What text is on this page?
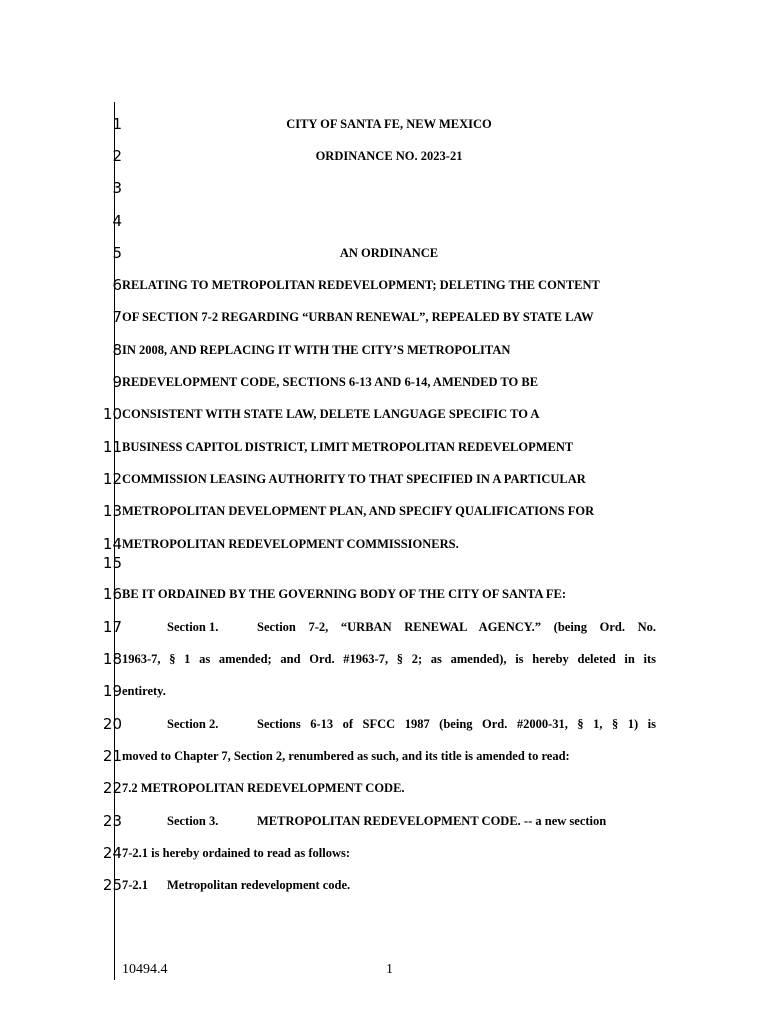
1
2
3
4
5
6
7
8
9
10
11
12
13
14
15
16
17
18
19
20
21
22
23
24
25
CITY OF SANTA FE, NEW MEXICO
ORDINANCE NO. 2023-21
AN ORDINANCE
RELATING TO METROPOLITAN REDEVELOPMENT; DELETING THE CONTENT
OF SECTION 7-2 REGARDING “URBAN RENEWAL”, REPEALED BY STATE LAW
IN 2008, AND REPLACING IT WITH THE CITY’S METROPOLITAN
REDEVELOPMENT CODE, SECTIONS 6-13 AND 6-14, AMENDED TO BE
CONSISTENT WITH STATE LAW, DELETE LANGUAGE SPECIFIC TO A
BUSINESS CAPITOL DISTRICT, LIMIT METROPOLITAN REDEVELOPMENT
COMMISSION LEASING AUTHORITY TO THAT SPECIFIED IN A PARTICULAR
METROPOLITAN DEVELOPMENT PLAN, AND SPECIFY QUALIFICATIONS FOR
METROPOLITAN REDEVELOPMENT COMMISSIONERS.
BE IT ORDAINED BY THE GOVERNING BODY OF THE CITY OF SANTA FE:
Section 1.	Section 7-2, “URBAN RENEWAL AGENCY.” (being Ord. No.
1963-7, § 1 as amended; and Ord. #1963-7, § 2; as amended), is hereby deleted in its
entirety.
Section 2.	Sections 6-13 of SFCC 1987 (being Ord. #2000-31, § 1, § 1) is
moved to Chapter 7, Section 2, renumbered as such, and its title is amended to read:
7.2 METROPOLITAN REDEVELOPMENT CODE.
Section 3.	METROPOLITAN REDEVELOPMENT CODE. -- a new section
7-2.1 is hereby ordained to read as follows:
7-2.1 Metropolitan redevelopment code.
10494.4	1
